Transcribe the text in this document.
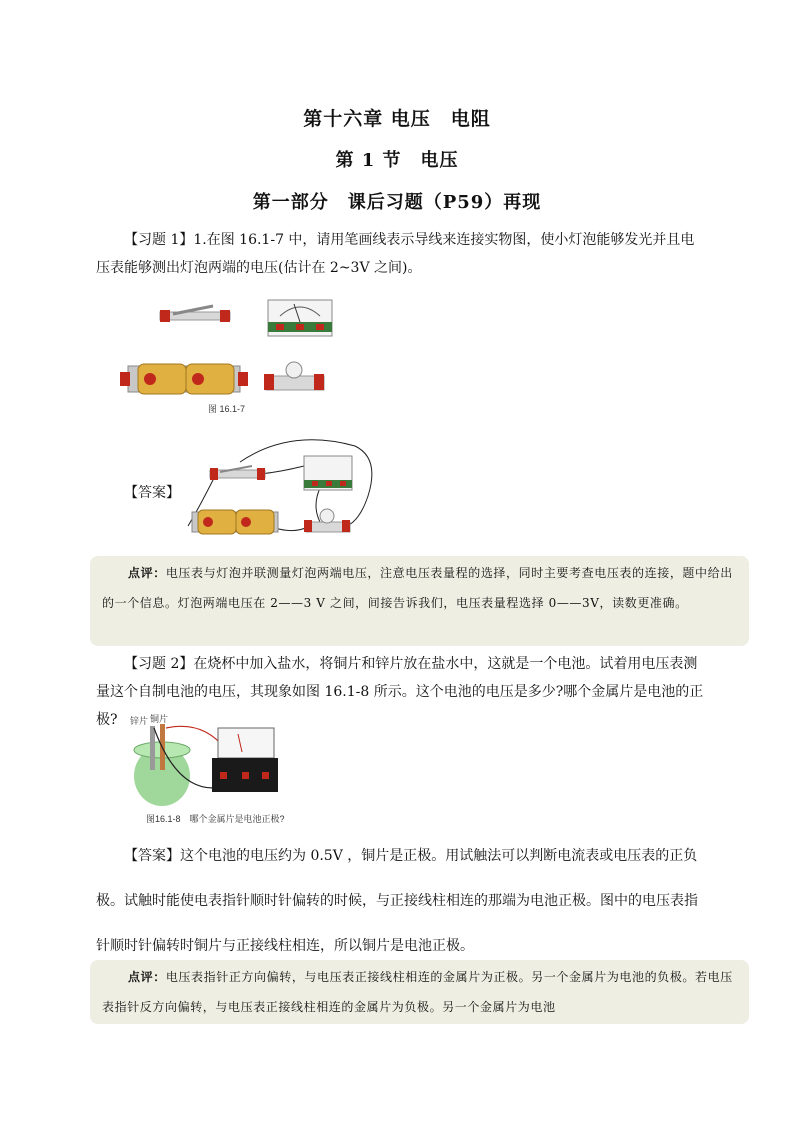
第十六章 电压　电阻
第 1 节　电压
第一部分　课后习题（P59）再现
【习题 1】1.在图 16.1-7 中，请用笔画线表示导线来连接实物图，使小灯泡能够发光并且电压表能够测出灯泡两端的电压(估计在 2~3V 之间)。
图 16.1-7
【答案】
点评：电压表与灯泡并联测量灯泡两端电压，注意电压表量程的选择，同时主要考查电压表的连接，题中给出的一个信息。灯泡两端电压在 2——3 V 之间，间接告诉我们，电压表量程选择 0——3V，读数更准确。
【习题 2】在烧杯中加入盐水，将铜片和锌片放在盐水中，这就是一个电池。试着用电压表测量这个自制电池的电压，其现象如图 16.1-8 所示。这个电池的电压是多少?哪个金属片是电池的正极?	锌片 铜片
图16.1-8　哪个金属片是电池正极?
【答案】这个电池的电压约为 0.5V ，铜片是正极。用试触法可以判断电流表或电压表的正负极。试触时能使电表指针顺时针偏转的时候，与正接线柱相连的那端为电池正极。图中的电压表指针顺时针偏转时铜片与正接线柱相连，所以铜片是电池正极。
点评：电压表指针正方向偏转，与电压表正接线柱相连的金属片为正极。另一个金属片为电池的负极。若电压表指针反方向偏转，与电压表正接线柱相连的金属片为负极。另一个金属片为电池
